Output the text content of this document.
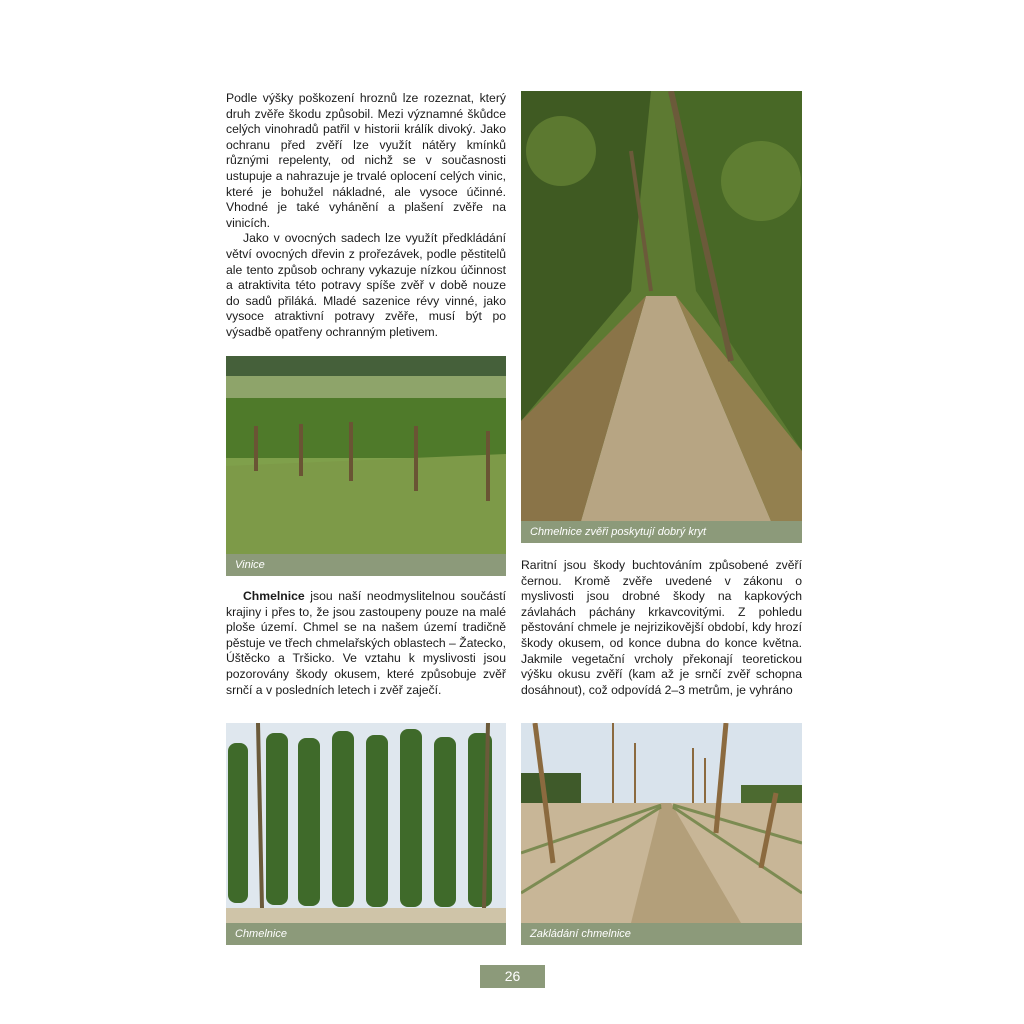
Podle výšky poškození hroznů lze rozeznat, který druh zvěře škodu způsobil. Mezi významné škůdce celých vinohradů patřil v historii králík divoký. Jako ochranu před zvěří lze využít nátěry kmínků různými repelenty, od nichž se v současnosti ustupuje a nahrazuje je trvalé oplocení celých vinic, které je bohužel nákladné, ale vysoce účinné. Vhodné je také vyhánění a plašení zvěře na vinicích.

Jako v ovocných sadech lze využít předkládání větví ovocných dřevin z prořezávek, podle pěstitelů ale tento způsob ochrany vykazuje nízkou účinnost a atraktivita této potravy spíše zvěř v době nouze do sadů přiláká. Mladé sazenice révy vinné, jako vysoce atraktivní potravy zvěře, musí být po výsadbě opatřeny ochranným pletivem.

Chmelnice zvěři poskytují dobrý kryt
Vinice

Chmelnice jsou naší neodmyslitelnou součástí krajiny i přes to, že jsou zastoupeny pouze na malé ploše území. Chmel se na našem území tradičně pěstuje ve třech chmelařských oblastech – Žatecko, Úštěcko a Tršicko. Ve vztahu k myslivosti jsou pozorovány škody okusem, které způsobuje zvěř srnčí a v posledních letech i zvěř zaječí.

Raritní jsou škody buchtováním způsobené zvěří černou. Kromě zvěře uvedené v zákonu o myslivosti jsou drobné škody na kapkových závlahách páchány krkavcovitými. Z pohledu pěstování chmele je nejrizikovější období, kdy hrozí škody okusem, od konce dubna do konce května. Jakmile vegetační vrcholy překonají teoretickou výšku okusu zvěří (kam až je srnčí zvěř schopna dosáhnout), což odpovídá 2–3 metrům, je vyhráno

Chmelnice	Zakládání chmelnice
26
